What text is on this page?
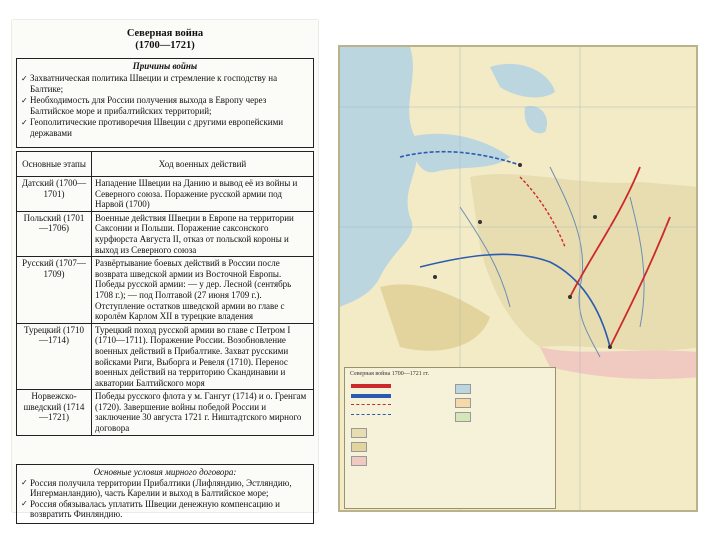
Северная война
(1700—1721)
Причины войны
✓ Захватническая политика Швеции и стремление к господству на Балтике;
✓ Необходимость для России получения выхода в Европу через Балтийское море и прибалтийских территорий;
✓ Геополитические противоречия Швеции с другими европейскими державами
Основные этапы	Ход военных действий
Датский (1700—1701)	Нападение Швеции на Данию и вывод её из войны и Северного союза. Поражение русской армии под Нарвой (1700)
Польский (1701—1706)	Военные действия Швеции в Европе на территории Саксонии и Польши. Поражение саксонского курфюрста Августа II, отказ от польской короны и выход из Северного союза
Русский (1707—1709)	Развёртывание боевых действий в России после возврата шведской армии из Восточной Европы. Победы русской армии: — у дер. Лесной (сентябрь 1708 г.); — под Полтавой (27 июня 1709 г.). Отступление остатков шведской армии во главе с королём Карлом XII в турецкие владения
Турецкий (1710—1714)	Турецкий поход русской армии во главе с Петром I (1710—1711). Поражение России. Возобновление военных действий в Прибалтике. Захват русскими войсками Риги, Выборга и Ревеля (1710). Перенос военных действий на территорию Скандинавии и акватории Балтийского моря
Норвежско-шведский (1714—1721)	Победы русского флота у м. Гангут (1714) и о. Гренгам (1720). Завершение войны победой России и заключение 30 августа 1721 г. Ништадтского мирного договора
Основные условия мирного договора:
✓ Россия получила территории Прибалтики (Лифляндию, Эстляндию, Ингерманландию), часть Карелии и выход в Балтийское море;
✓ Россия обязывалась уплатить Швеции денежную компенсацию и возвратить Финляндию.
Северная война 1700—1721 гг.
